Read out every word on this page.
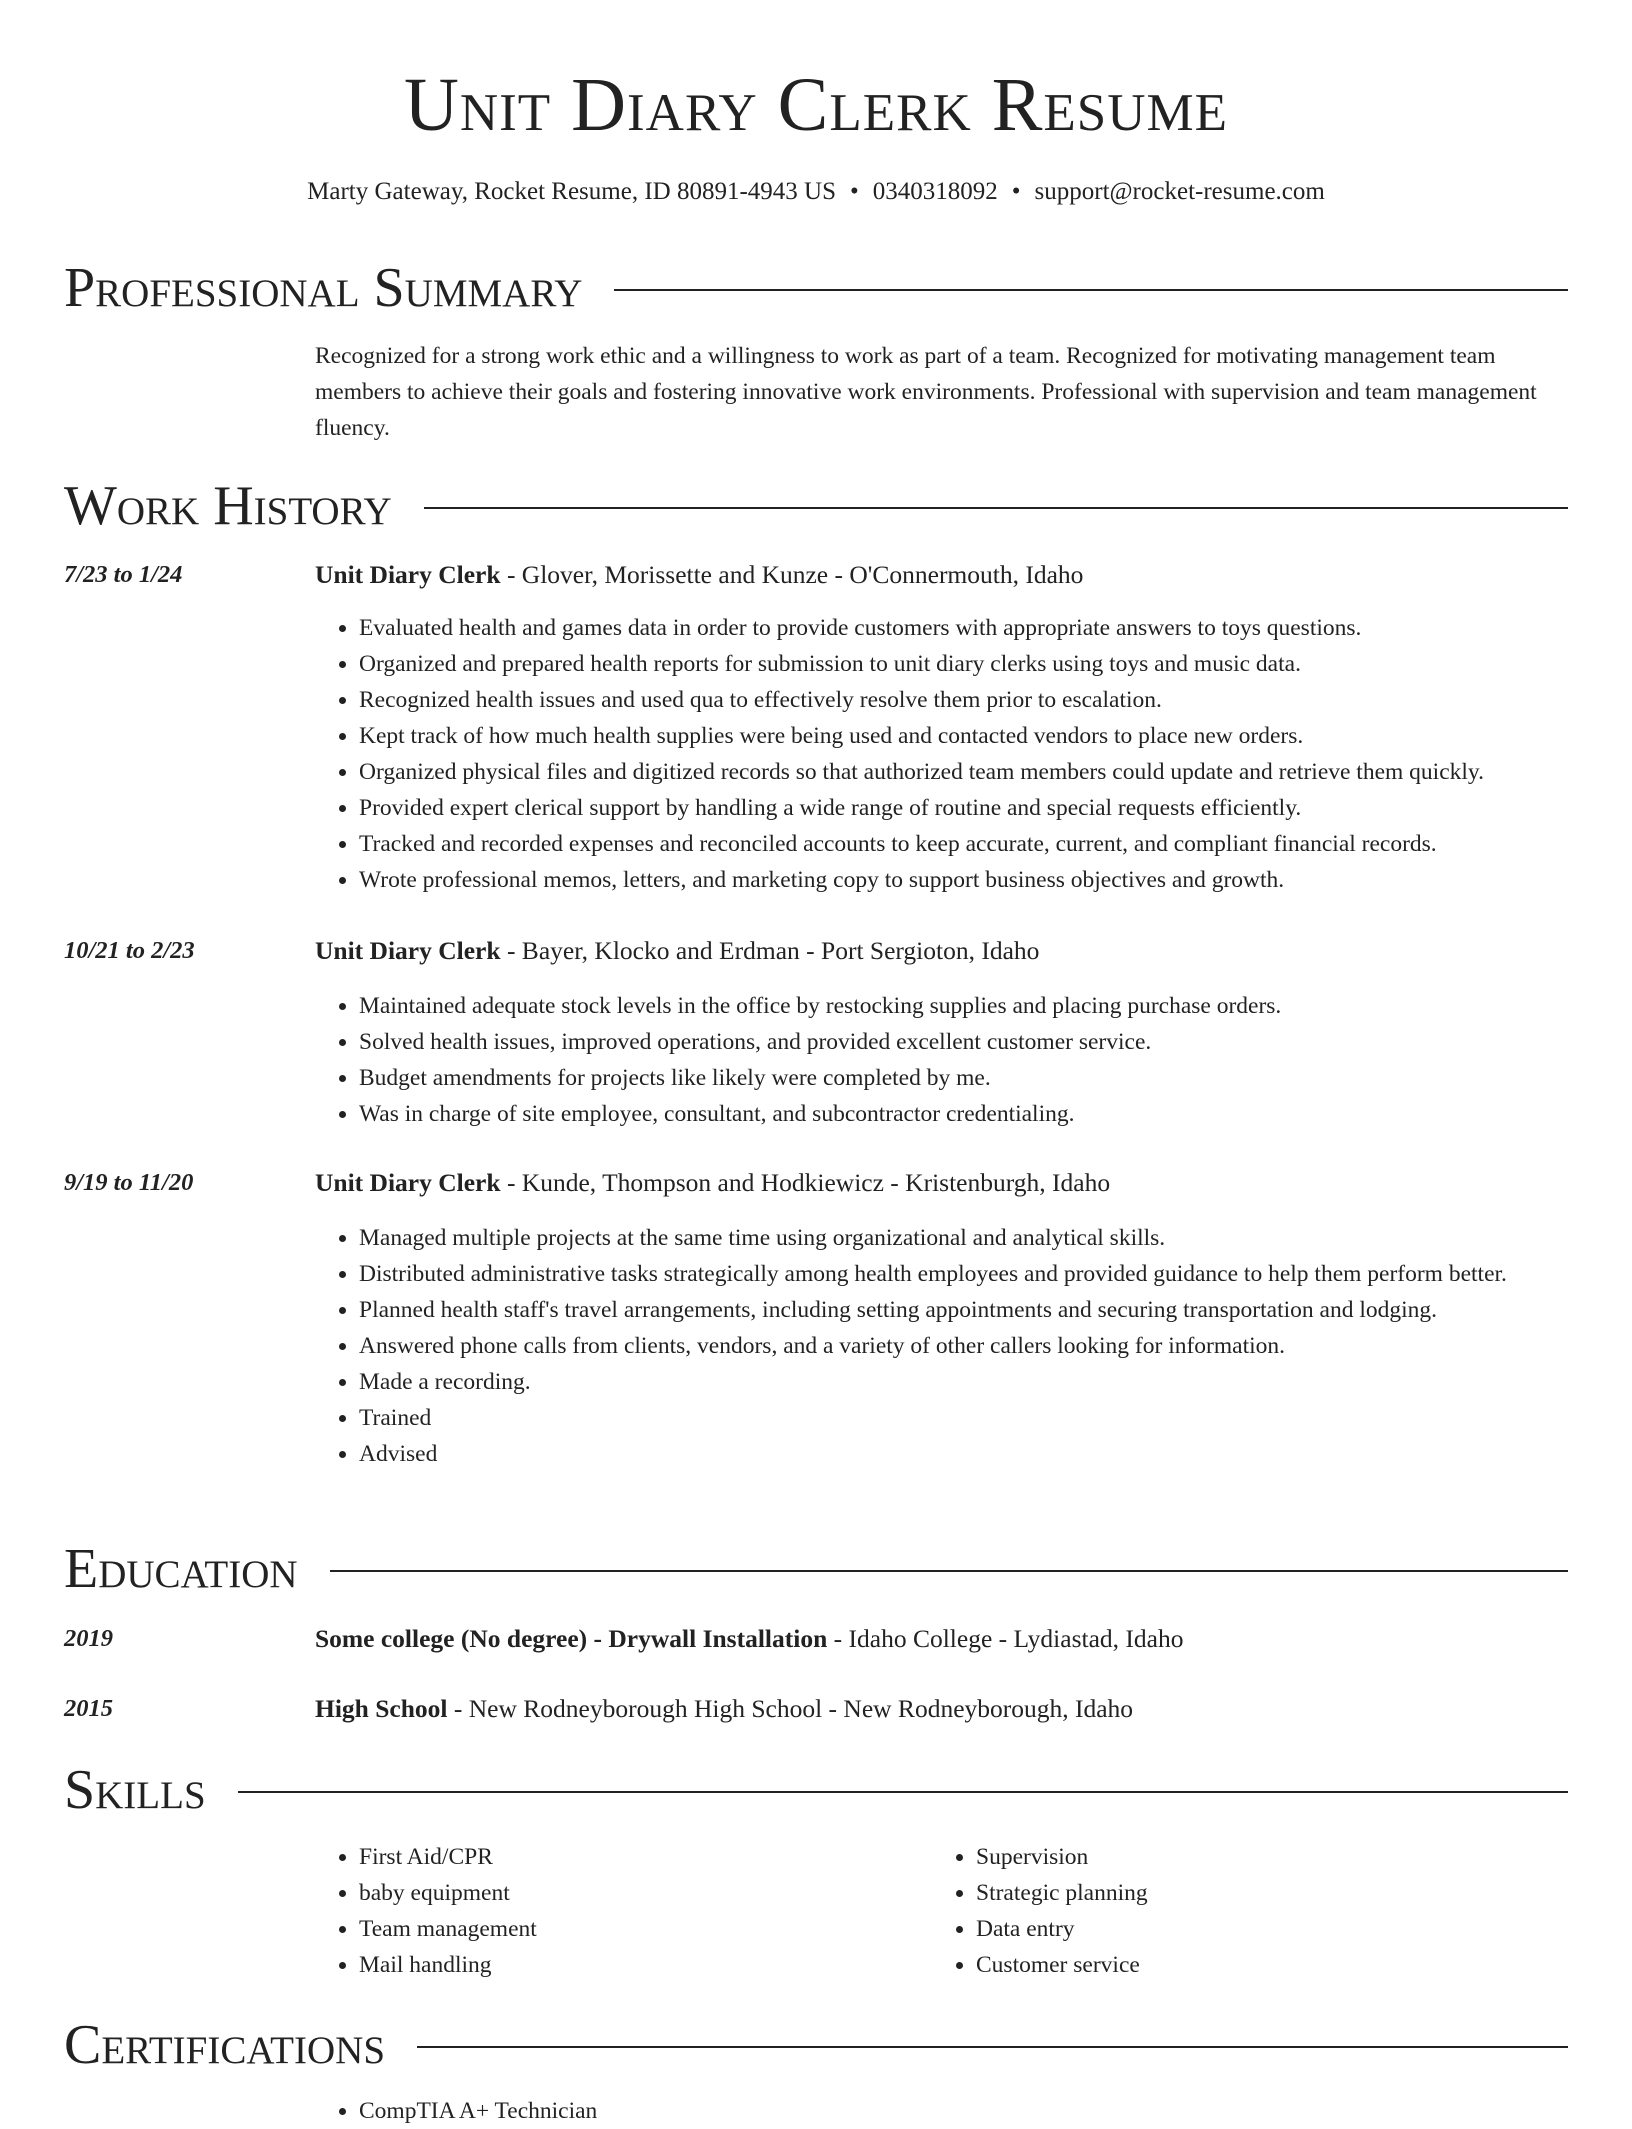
Unit Diary Clerk Resume
Marty Gateway, Rocket Resume, ID 80891-4943 US • 0340318092 • support@rocket-resume.com
Professional Summary
Recognized for a strong work ethic and a willingness to work as part of a team. Recognized for motivating management team members to achieve their goals and fostering innovative work environments. Professional with supervision and team management fluency.
Work History
7/23 to 1/24	Unit Diary Clerk - Glover, Morissette and Kunze - O'Connermouth, Idaho
• Evaluated health and games data in order to provide customers with appropriate answers to toys questions.
• Organized and prepared health reports for submission to unit diary clerks using toys and music data.
• Recognized health issues and used qua to effectively resolve them prior to escalation.
• Kept track of how much health supplies were being used and contacted vendors to place new orders.
• Organized physical files and digitized records so that authorized team members could update and retrieve them quickly.
• Provided expert clerical support by handling a wide range of routine and special requests efficiently.
• Tracked and recorded expenses and reconciled accounts to keep accurate, current, and compliant financial records.
• Wrote professional memos, letters, and marketing copy to support business objectives and growth.
10/21 to 2/23	Unit Diary Clerk - Bayer, Klocko and Erdman - Port Sergioton, Idaho
• Maintained adequate stock levels in the office by restocking supplies and placing purchase orders.
• Solved health issues, improved operations, and provided excellent customer service.
• Budget amendments for projects like likely were completed by me.
• Was in charge of site employee, consultant, and subcontractor credentialing.
9/19 to 11/20	Unit Diary Clerk - Kunde, Thompson and Hodkiewicz - Kristenburgh, Idaho
• Managed multiple projects at the same time using organizational and analytical skills.
• Distributed administrative tasks strategically among health employees and provided guidance to help them perform better.
• Planned health staff's travel arrangements, including setting appointments and securing transportation and lodging.
• Answered phone calls from clients, vendors, and a variety of other callers looking for information.
• Made a recording.
• Trained
• Advised
Education
2019	Some college (No degree) - Drywall Installation - Idaho College - Lydiastad, Idaho
2015	High School - New Rodneyborough High School - New Rodneyborough, Idaho
Skills
• First Aid/CPR
• baby equipment
• Team management
• Mail handling
• Supervision
• Strategic planning
• Data entry
• Customer service
Certifications
• CompTIA A+ Technician
